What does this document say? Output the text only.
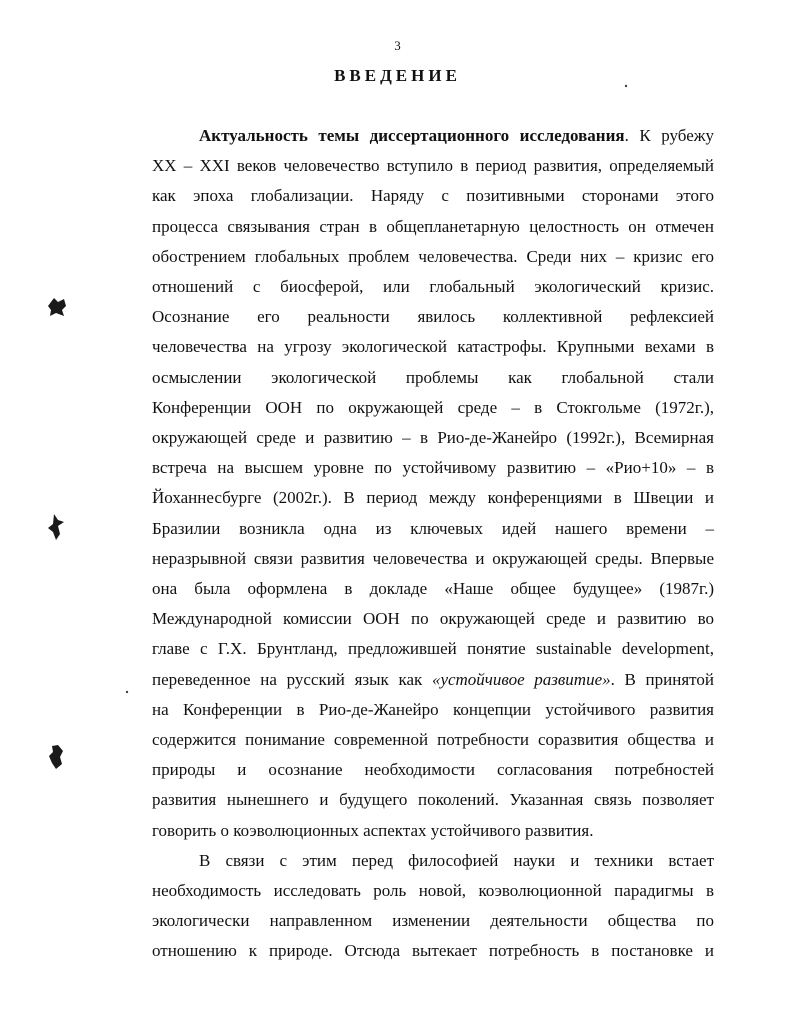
3
ВВЕДЕНИЕ
Актуальность темы диссертационного исследования. К рубежу
XX – XXI веков человечество вступило в период развития, определяемый
как эпоха глобализации. Наряду с позитивными сторонами этого
процесса связывания стран в общепланетарную целостность он отмечен
обострением глобальных проблем человечества. Среди них – кризис его
отношений с биосферой, или глобальный экологический кризис.
Осознание его реальности явилось коллективной рефлексией
человечества на угрозу экологической катастрофы. Крупными вехами в
осмыслении экологической проблемы как глобальной стали
Конференции ООН по окружающей среде – в Стокгольме (1972г.),
окружающей среде и развитию – в Рио-де-Жанейро (1992г.), Всемирная
встреча на высшем уровне по устойчивому развитию – «Рио+10» – в
Йоханнесбурге (2002г.). В период между конференциями в Швеции и
Бразилии возникла одна из ключевых идей нашего времени –
неразрывной связи развития человечества и окружающей среды. Впервые
она была оформлена в докладе «Наше общее будущее» (1987г.)
Международной комиссии ООН по окружающей среде и развитию во
главе с Г.Х. Брунтланд, предложившей понятие sustainable development,
переведенное на русский язык как «устойчивое развитие». В принятой
на Конференции в Рио-де-Жанейро концепции устойчивого развития
содержится понимание современной потребности соразвития общества и
природы и осознание необходимости согласования потребностей
развития нынешнего и будущего поколений. Указанная связь позволяет
говорить о коэволюционных аспектах устойчивого развития.
В связи с этим перед философией науки и техники встает
необходимость исследовать роль новой, коэволюционной парадигмы в
экологически направленном изменении деятельности общества по
отношению к природе. Отсюда вытекает потребность в постановке и
